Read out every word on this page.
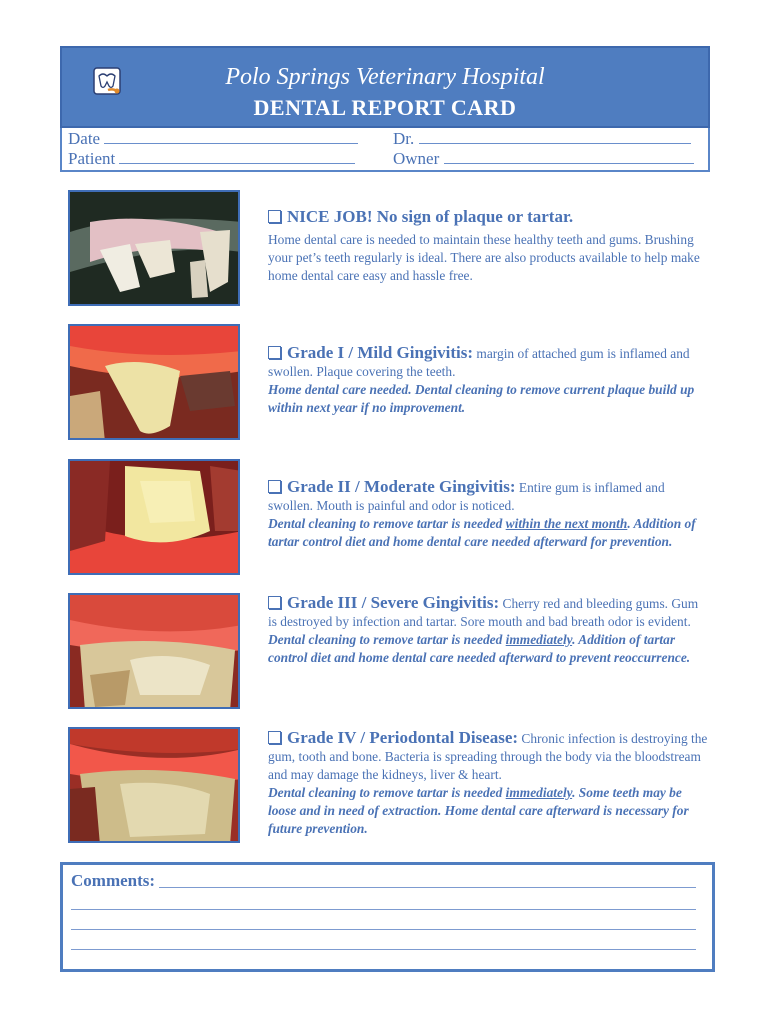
Polo Springs Veterinary Hospital
DENTAL REPORT CARD
Date
Patient
Dr.
Owner
NICE JOB! No sign of plaque or tartar.
Home dental care is needed to maintain these healthy teeth and gums. Brushing your pet’s teeth regularly is ideal. There are also products available to help make home dental care easy and hassle free.
Grade I / Mild Gingivitis: margin of attached gum is inflamed and swollen. Plaque covering the teeth.
Home dental care needed. Dental cleaning to remove current plaque build up within next year if no improvement.
Grade II / Moderate Gingivitis: Entire gum is inflamed and swollen. Mouth is painful and odor is noticed.
Dental cleaning to remove tartar is needed within the next month. Addition of tartar control diet and home dental care needed afterward for prevention.
Grade III / Severe Gingivitis: Cherry red and bleeding gums. Gum is destroyed by infection and tartar. Sore mouth and bad breath odor is evident.
Dental cleaning to remove tartar is needed immediately. Addition of tartar control diet and home dental care needed afterward to prevent reoccurrence.
Grade IV / Periodontal Disease: Chronic infection is destroying the gum, tooth and bone. Bacteria is spreading through the body via the bloodstream and may damage the kidneys, liver & heart.
Dental cleaning to remove tartar is needed immediately. Some teeth may be loose and in need of extraction. Home dental care afterward is necessary for future prevention.
Comments:
